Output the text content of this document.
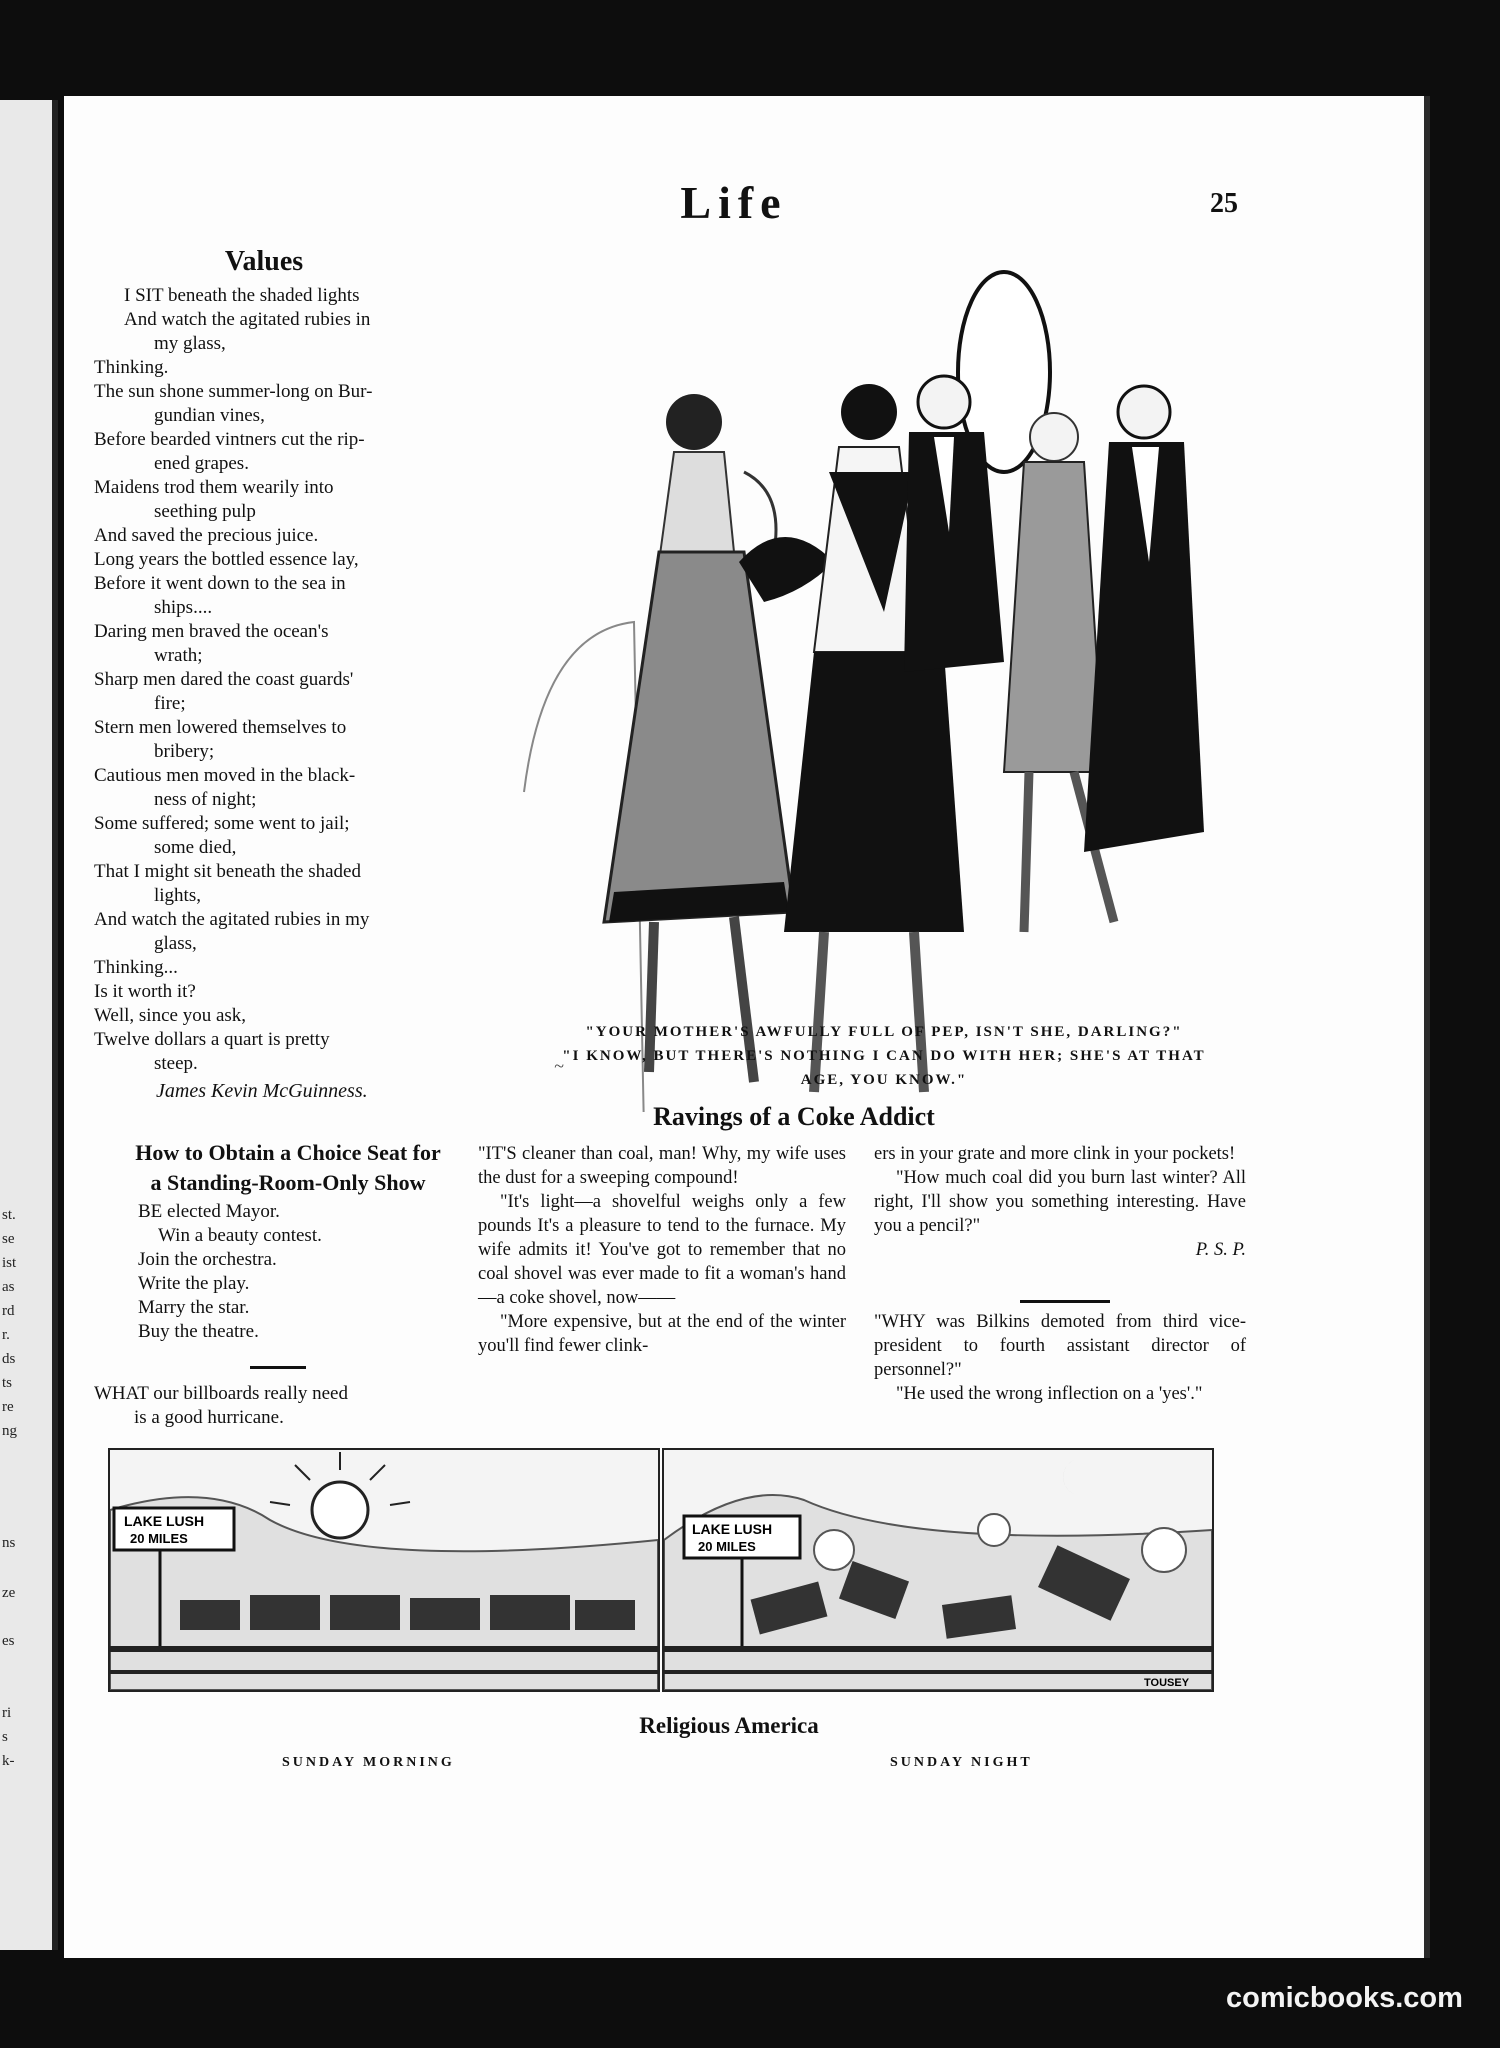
st.
se
ist
as
rd
r.
ds
ts
re
ng
ns
ze
es
ri
s
k-
Life	25
Values
I SIT beneath the shaded lights
And watch the agitated rubies in
my glass,
Thinking.
The sun shone summer-long on Bur-
gundian vines,
Before bearded vintners cut the rip-
ened grapes.
Maidens trod them wearily into
seething pulp
And saved the precious juice.
Long years the bottled essence lay,
Before it went down to the sea in
ships....
Daring men braved the ocean's
wrath;
Sharp men dared the coast guards'
fire;
Stern men lowered themselves to
bribery;
Cautious men moved in the black-
ness of night;
Some suffered; some went to jail;
some died,
That I might sit beneath the shaded
lights,
And watch the agitated rubies in my
glass,
Thinking...
Is it worth it?
Well, since you ask,
Twelve dollars a quart is pretty
steep.
James Kevin McGuinness.
~
"YOUR MOTHER'S AWFULLY FULL OF PEP, ISN'T SHE, DARLING?"
"I KNOW, BUT THERE'S NOTHING I CAN DO WITH HER; SHE'S AT THAT
AGE, YOU KNOW."
How to Obtain a Choice Seat for
a Standing-Room-Only Show
BE elected Mayor.
Win a beauty contest.
Join the orchestra.
Write the play.
Marry the star.
Buy the theatre.
WHAT our billboards really need
is a good hurricane.
Ravings of a Coke Addict

"IT'S cleaner than coal, man! Why, my wife uses the dust for a sweeping compound!

"It's light—a shovelful weighs only a few pounds It's a pleasure to tend to the furnace. My wife admits it! You've got to remember that no coal shovel was ever made to fit a woman's hand—a coke shovel, now——

"More expensive, but at the end of the winter you'll find fewer clink-

ers in your grate and more clink in your pockets!

"How much coal did you burn last winter? All right, I'll show you something interesting. Have you a pencil?"

P. S. P.

"WHY was Bilkins demoted from third vice-president to fourth assistant director of personnel?"

"He used the wrong inflection on a 'yes'."

LAKE LUSH
20 MILES
LAKE LUSH
20 MILES
TOUSEY
Religious America
SUNDAY MORNING	SUNDAY NIGHT
comicbooks.com
